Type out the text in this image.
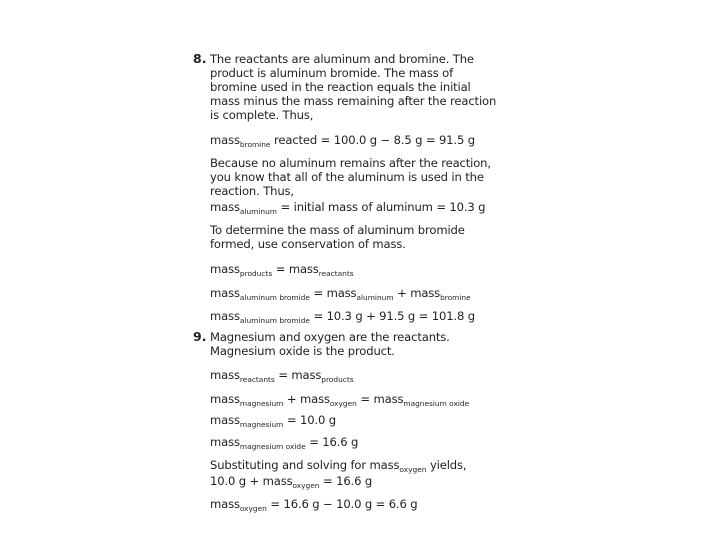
8. The reactants are aluminum and bromine. The
product is aluminum bromide. The mass of
bromine used in the reaction equals the initial
mass minus the mass remaining after the reaction
is complete. Thus,
mass$_{bromine}$ reacted = 100.0 g − 8.5 g = 91.5 g
Because no aluminum remains after the reaction,
you know that all of the aluminum is used in the
reaction. Thus,
mass$_{aluminum}$ = initial mass of aluminum = 10.3 g
To determine the mass of aluminum bromide
formed, use conservation of mass.
mass$_{products}$ = mass$_{reactants}$
mass$_{aluminum bromide}$ = mass$_{aluminum}$ + mass$_{bromine}$
mass$_{aluminum bromide}$ = 10.3 g + 91.5 g = 101.8 g
9. Magnesium and oxygen are the reactants.
Magnesium oxide is the product.
mass$_{reactants}$ = mass$_{products}$
mass$_{magnesium}$ + mass$_{oxygen}$ = mass$_{magnesium oxide}$
mass$_{magnesium}$ = 10.0 g
mass$_{magnesium oxide}$ = 16.6 g
Substituting and solving for mass$_{oxygen}$ yields,
10.0 g + mass$_{oxygen}$ = 16.6 g
mass$_{oxygen}$ = 16.6 g − 10.0 g = 6.6 g
